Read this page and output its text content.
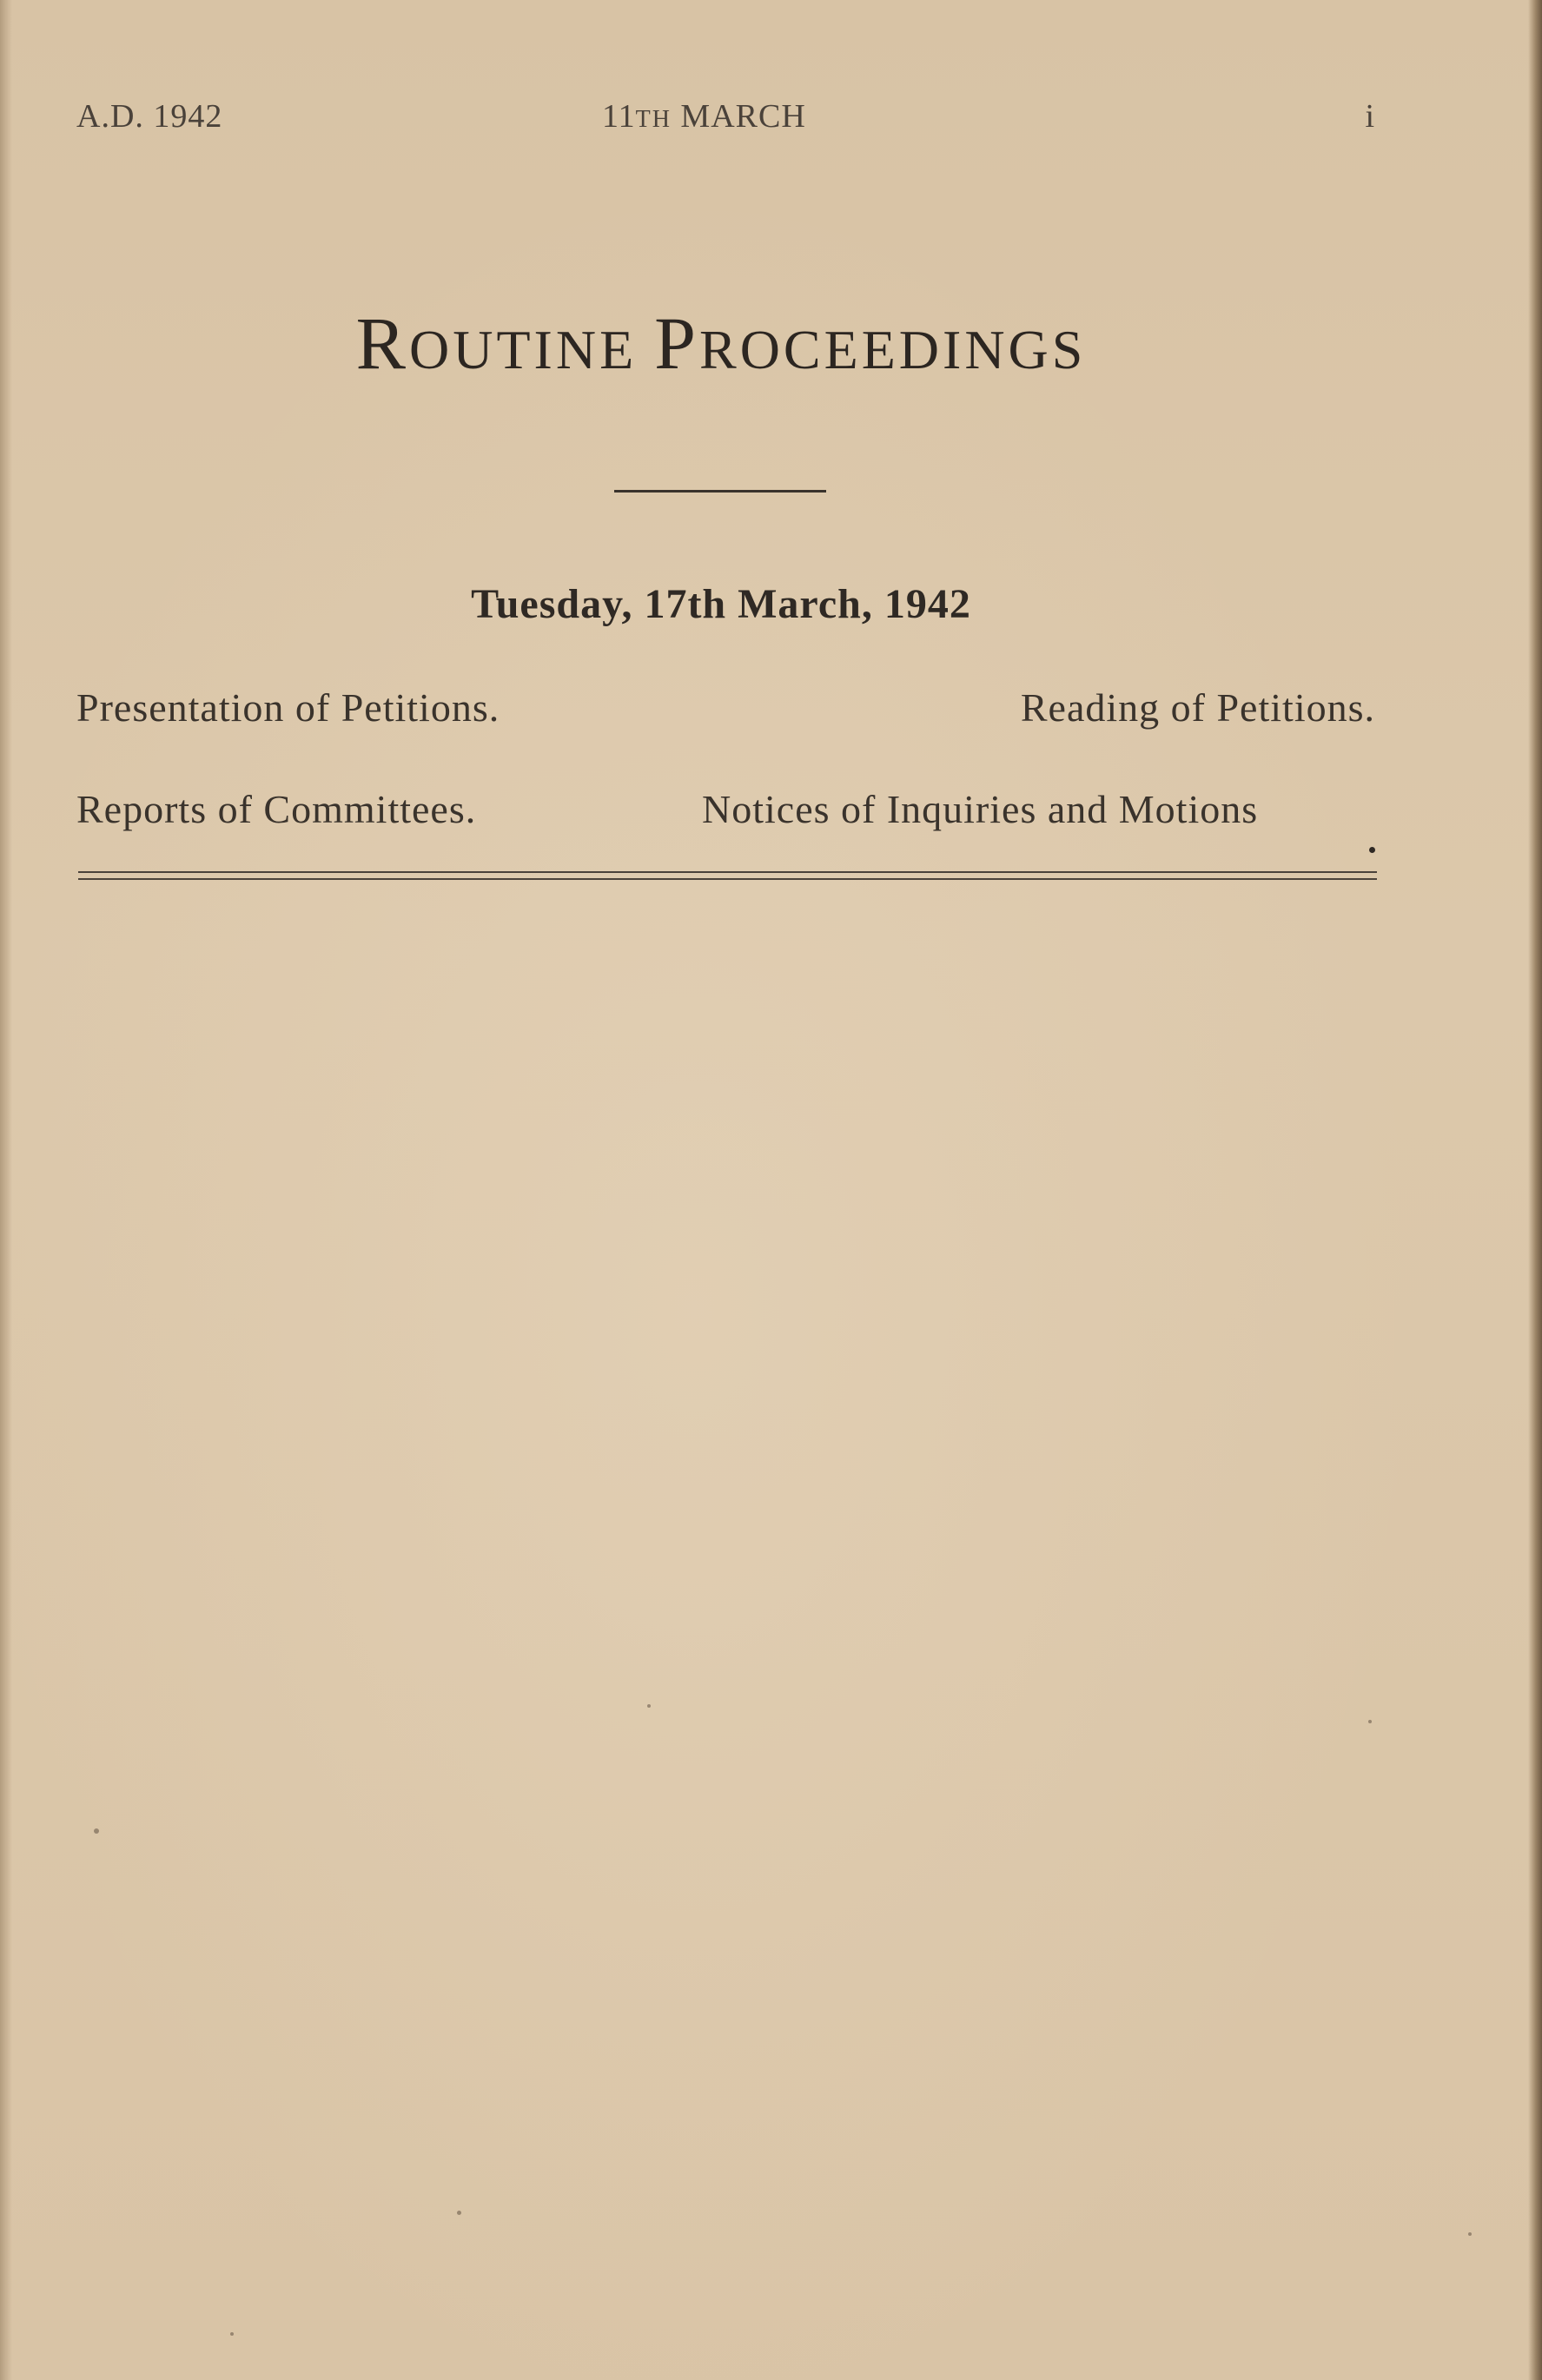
A.D. 1942	11TH MARCH	i
ROUTINE PROCEEDINGS
Tuesday, 17th March, 1942
Presentation of Petitions.	Reading of Petitions.
Reports of Committees.	Notices of Inquiries and Motions
